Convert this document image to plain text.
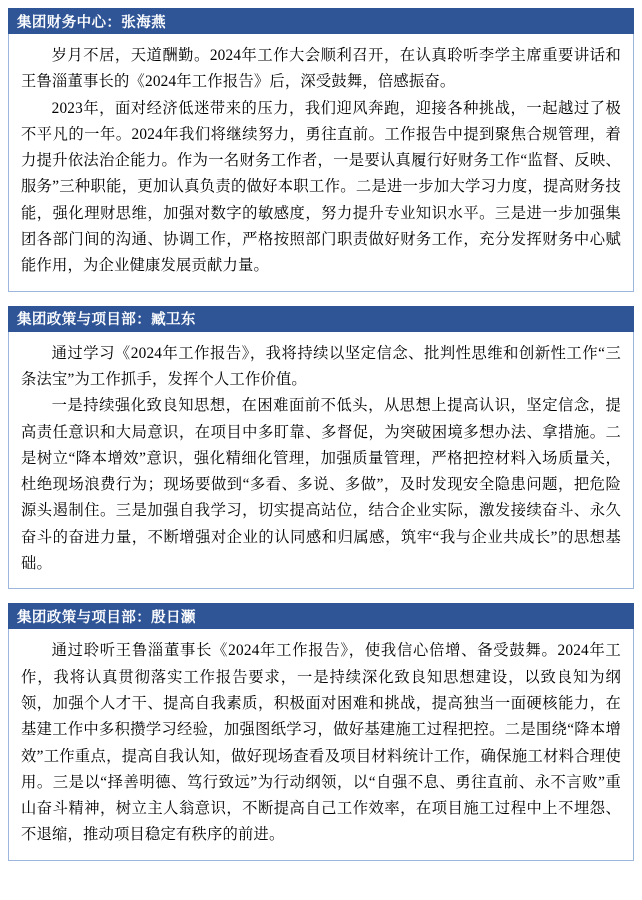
集团财务中心：张海燕

岁月不居，天道酬勤。2024年工作大会顺利召开，在认真聆听李学主席重要讲话和王鲁淄董事长的《2024年工作报告》后，深受鼓舞，倍感振奋。

2023年，面对经济低迷带来的压力，我们迎风奔跑，迎接各种挑战，一起越过了极不平凡的一年。2024年我们将继续努力，勇往直前。工作报告中提到聚焦合规管理，着力提升依法治企能力。作为一名财务工作者，一是要认真履行好财务工作“监督、反映、服务”三种职能，更加认真负责的做好本职工作。二是进一步加大学习力度，提高财务技能，强化理财思维，加强对数字的敏感度，努力提升专业知识水平。三是进一步加强集团各部门间的沟通、协调工作，严格按照部门职责做好财务工作，充分发挥财务中心赋能作用，为企业健康发展贡献力量。

集团政策与项目部：臧卫东

通过学习《2024年工作报告》，我将持续以坚定信念、批判性思维和创新性工作“三条法宝”为工作抓手，发挥个人工作价值。

一是持续强化致良知思想，在困难面前不低头，从思想上提高认识，坚定信念，提高责任意识和大局意识，在项目中多盯靠、多督促，为突破困境多想办法、拿措施。二是树立“降本增效”意识，强化精细化管理，加强质量管理，严格把控材料入场质量关，杜绝现场浪费行为；现场要做到“多看、多说、多做”，及时发现安全隐患问题，把危险源头遏制住。三是加强自我学习，切实提高站位，结合企业实际，激发接续奋斗、永久奋斗的奋进力量，不断增强对企业的认同感和归属感，筑牢“我与企业共成长”的思想基础。

集团政策与项目部：殷日灏

通过聆听王鲁淄董事长《2024年工作报告》，使我信心倍增、备受鼓舞。2024年工作，我将认真贯彻落实工作报告要求，一是持续深化致良知思想建设，以致良知为纲领，加强个人才干、提高自我素质，积极面对困难和挑战，提高独当一面硬核能力，在基建工作中多积攒学习经验，加强图纸学习，做好基建施工过程把控。二是围绕“降本增效”工作重点，提高自我认知，做好现场查看及项目材料统计工作，确保施工材料合理使用。三是以“择善明德、笃行致远”为行动纲领，以“自强不息、勇往直前、永不言败”重山奋斗精神，树立主人翁意识，不断提高自己工作效率，在项目施工过程中上不埋怨、不退缩，推动项目稳定有秩序的前进。
